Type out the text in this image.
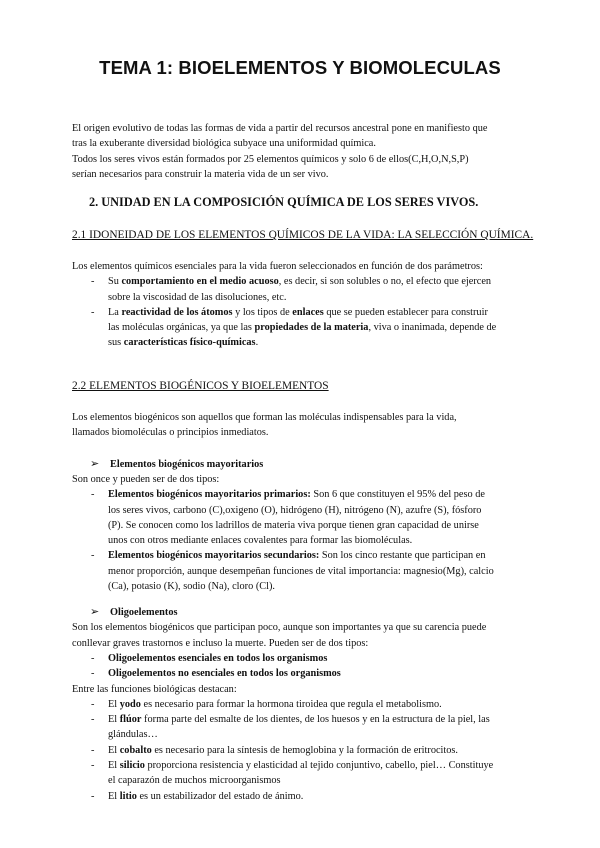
TEMA 1: BIOELEMENTOS Y BIOMOLECULAS
El origen evolutivo de todas las formas de vida a partir del recursos ancestral pone en manifiesto que
tras la exuberante diversidad biológica subyace una uniformidad química.
Todos los seres vivos están formados por 25 elementos químicos y solo 6 de ellos(C,H,O,N,S,P)
serían necesarios para construir la materia vida de un ser vivo.
2. UNIDAD EN LA COMPOSICIÓN QUÍMICA DE LOS SERES VIVOS.
2.1 IDONEIDAD DE LOS ELEMENTOS QUÍMICOS DE LA VIDA: LA SELECCIÓN QUÍMICA.
Los elementos químicos esenciales para la vida fueron seleccionados en función de dos parámetros:
-	Su comportamiento en el medio acuoso, es decir, si son solubles o no, el efecto que ejercen
sobre la viscosidad de las disoluciones, etc.
-	La reactividad de los átomos y los tipos de enlaces que se pueden establecer para construir
las moléculas orgánicas, ya que las propiedades de la materia, viva o inanimada, depende de
sus características físico-químicas.
2.2 ELEMENTOS BIOGÉNICOS Y BIOELEMENTOS
Los elementos biogénicos son aquellos que forman las moléculas indispensables para la vida,
llamados biomoléculas o principios inmediatos.
➢ Elementos biogénicos mayoritarios
Son once y pueden ser de dos tipos:
-	Elementos biogénicos mayoritarios primarios: Son 6 que constituyen el 95% del peso de
los seres vivos, carbono (C),oxigeno (O), hidrógeno (H), nitrógeno (N), azufre (S), fósforo
(P). Se conocen como los ladrillos de materia viva porque tienen gran capacidad de unirse
unos con otros mediante enlaces covalentes para formar las biomoléculas.
-	Elementos biogénicos mayoritarios secundarios: Son los cinco restante que participan en
menor proporción, aunque desempeñan funciones de vital importancia: magnesio(Mg), calcio
(Ca), potasio (K), sodio (Na), cloro (Cl).
➢ Oligoelementos
Son los elementos biogénicos que participan poco, aunque son importantes ya que su carencia puede
conllevar graves trastornos e incluso la muerte. Pueden ser de dos tipos:
-	Oligoelementos esenciales en todos los organismos
-	Oligoelementos no esenciales en todos los organismos
Entre las funciones biológicas destacan:
-	El yodo es necesario para formar la hormona tiroidea que regula el metabolismo.
-	El flúor forma parte del esmalte de los dientes, de los huesos y en la estructura de la piel, las
glándulas…
-	El cobalto es necesario para la síntesis de hemoglobina y la formación de eritrocitos.
-	El silicio proporciona resistencia y elasticidad al tejido conjuntivo, cabello, piel… Constituye
el caparazón de muchos microorganismos
-	El litio es un estabilizador del estado de ánimo.
